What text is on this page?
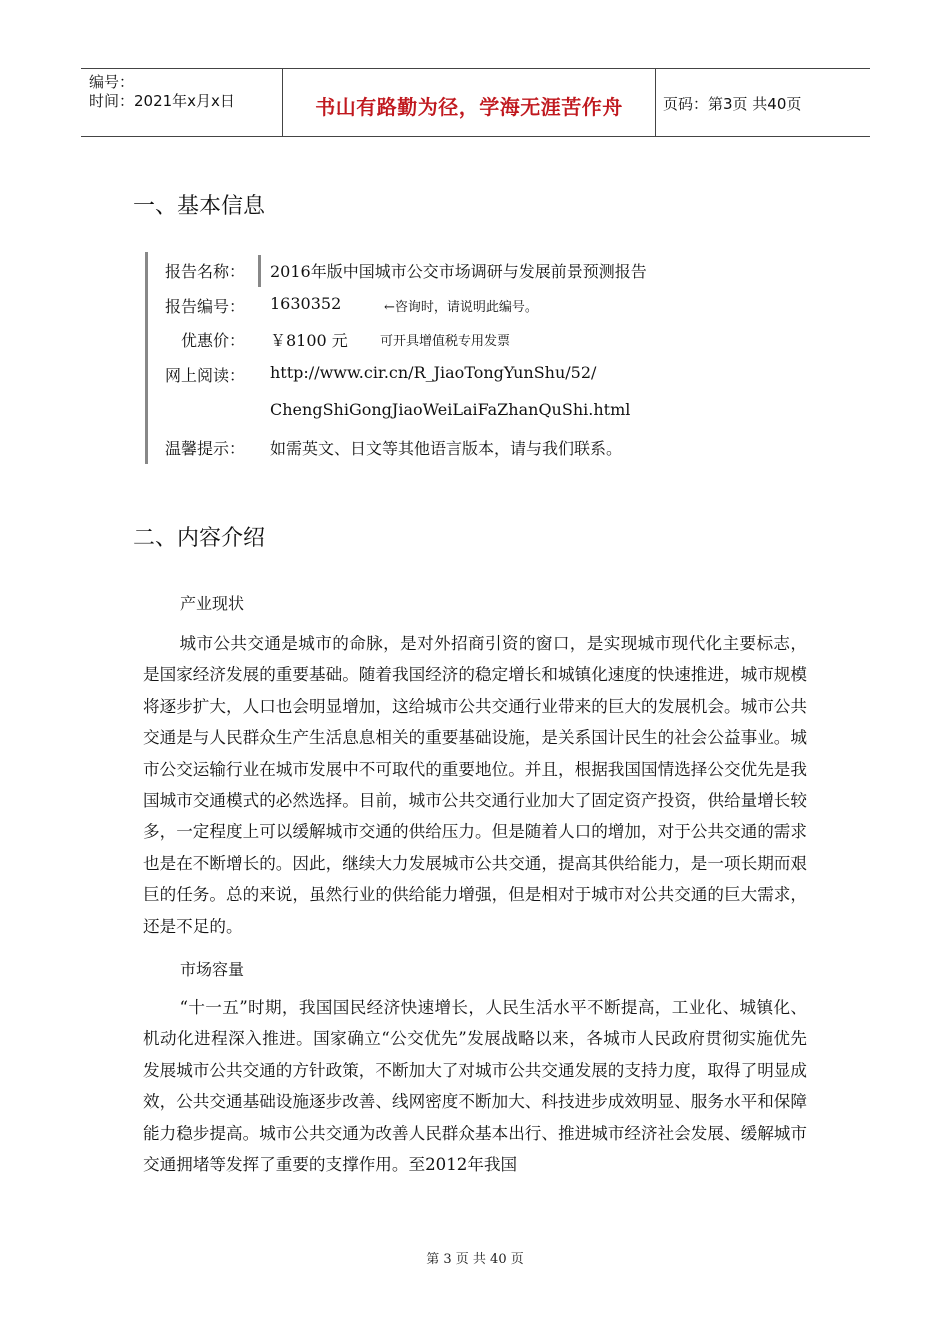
编号：
时间：2021年x月x日	书山有路勤为径，学海无涯苦作舟	页码：第3页 共40页
一、基本信息
报告名称： 2016年版中国城市公交市场调研与发展前景预测报告
报告编号： 1630352	←咨询时，请说明此编号。
优惠价： ￥8100 元 可开具增值税专用发票
网上阅读： http://www.cir.cn/R_JiaoTongYunShu/52/
ChengShiGongJiaoWeiLaiFaZhanQuShi.html
温馨提示： 如需英文、日文等其他语言版本，请与我们联系。
二、内容介绍
产业现状
城市公共交通是城市的命脉，是对外招商引资的窗口，是实现城市现代化主要标志，是国家经济发展的重要基础。随着我国经济的稳定增长和城镇化速度的快速推进，城市规模将逐步扩大，人口也会明显增加，这给城市公共交通行业带来的巨大的发展机会。城市公共交通是与人民群众生产生活息息相关的重要基础设施，是关系国计民生的社会公益事业。城市公交运输行业在城市发展中不可取代的重要地位。并且，根据我国国情选择公交优先是我国城市交通模式的必然选择。目前，城市公共交通行业加大了固定资产投资，供给量增长较多，一定程度上可以缓解城市交通的供给压力。但是随着人口的增加，对于公共交通的需求也是在不断增长的。因此，继续大力发展城市公共交通，提高其供给能力，是一项长期而艰巨的任务。总的来说，虽然行业的供给能力增强，但是相对于城市对公共交通的巨大需求，还是不足的。
市场容量
“十一五”时期，我国国民经济快速增长，人民生活水平不断提高，工业化、城镇化、机动化进程深入推进。国家确立“公交优先”发展战略以来，各城市人民政府贯彻实施优先发展城市公共交通的方针政策，不断加大了对城市公共交通发展的支持力度，取得了明显成效，公共交通基础设施逐步改善、线网密度不断加大、科技进步成效明显、服务水平和保障能力稳步提高。城市公共交通为改善人民群众基本出行、推进城市经济社会发展、缓解城市交通拥堵等发挥了重要的支撑作用。至2012年我国
第 3 页 共 40 页
